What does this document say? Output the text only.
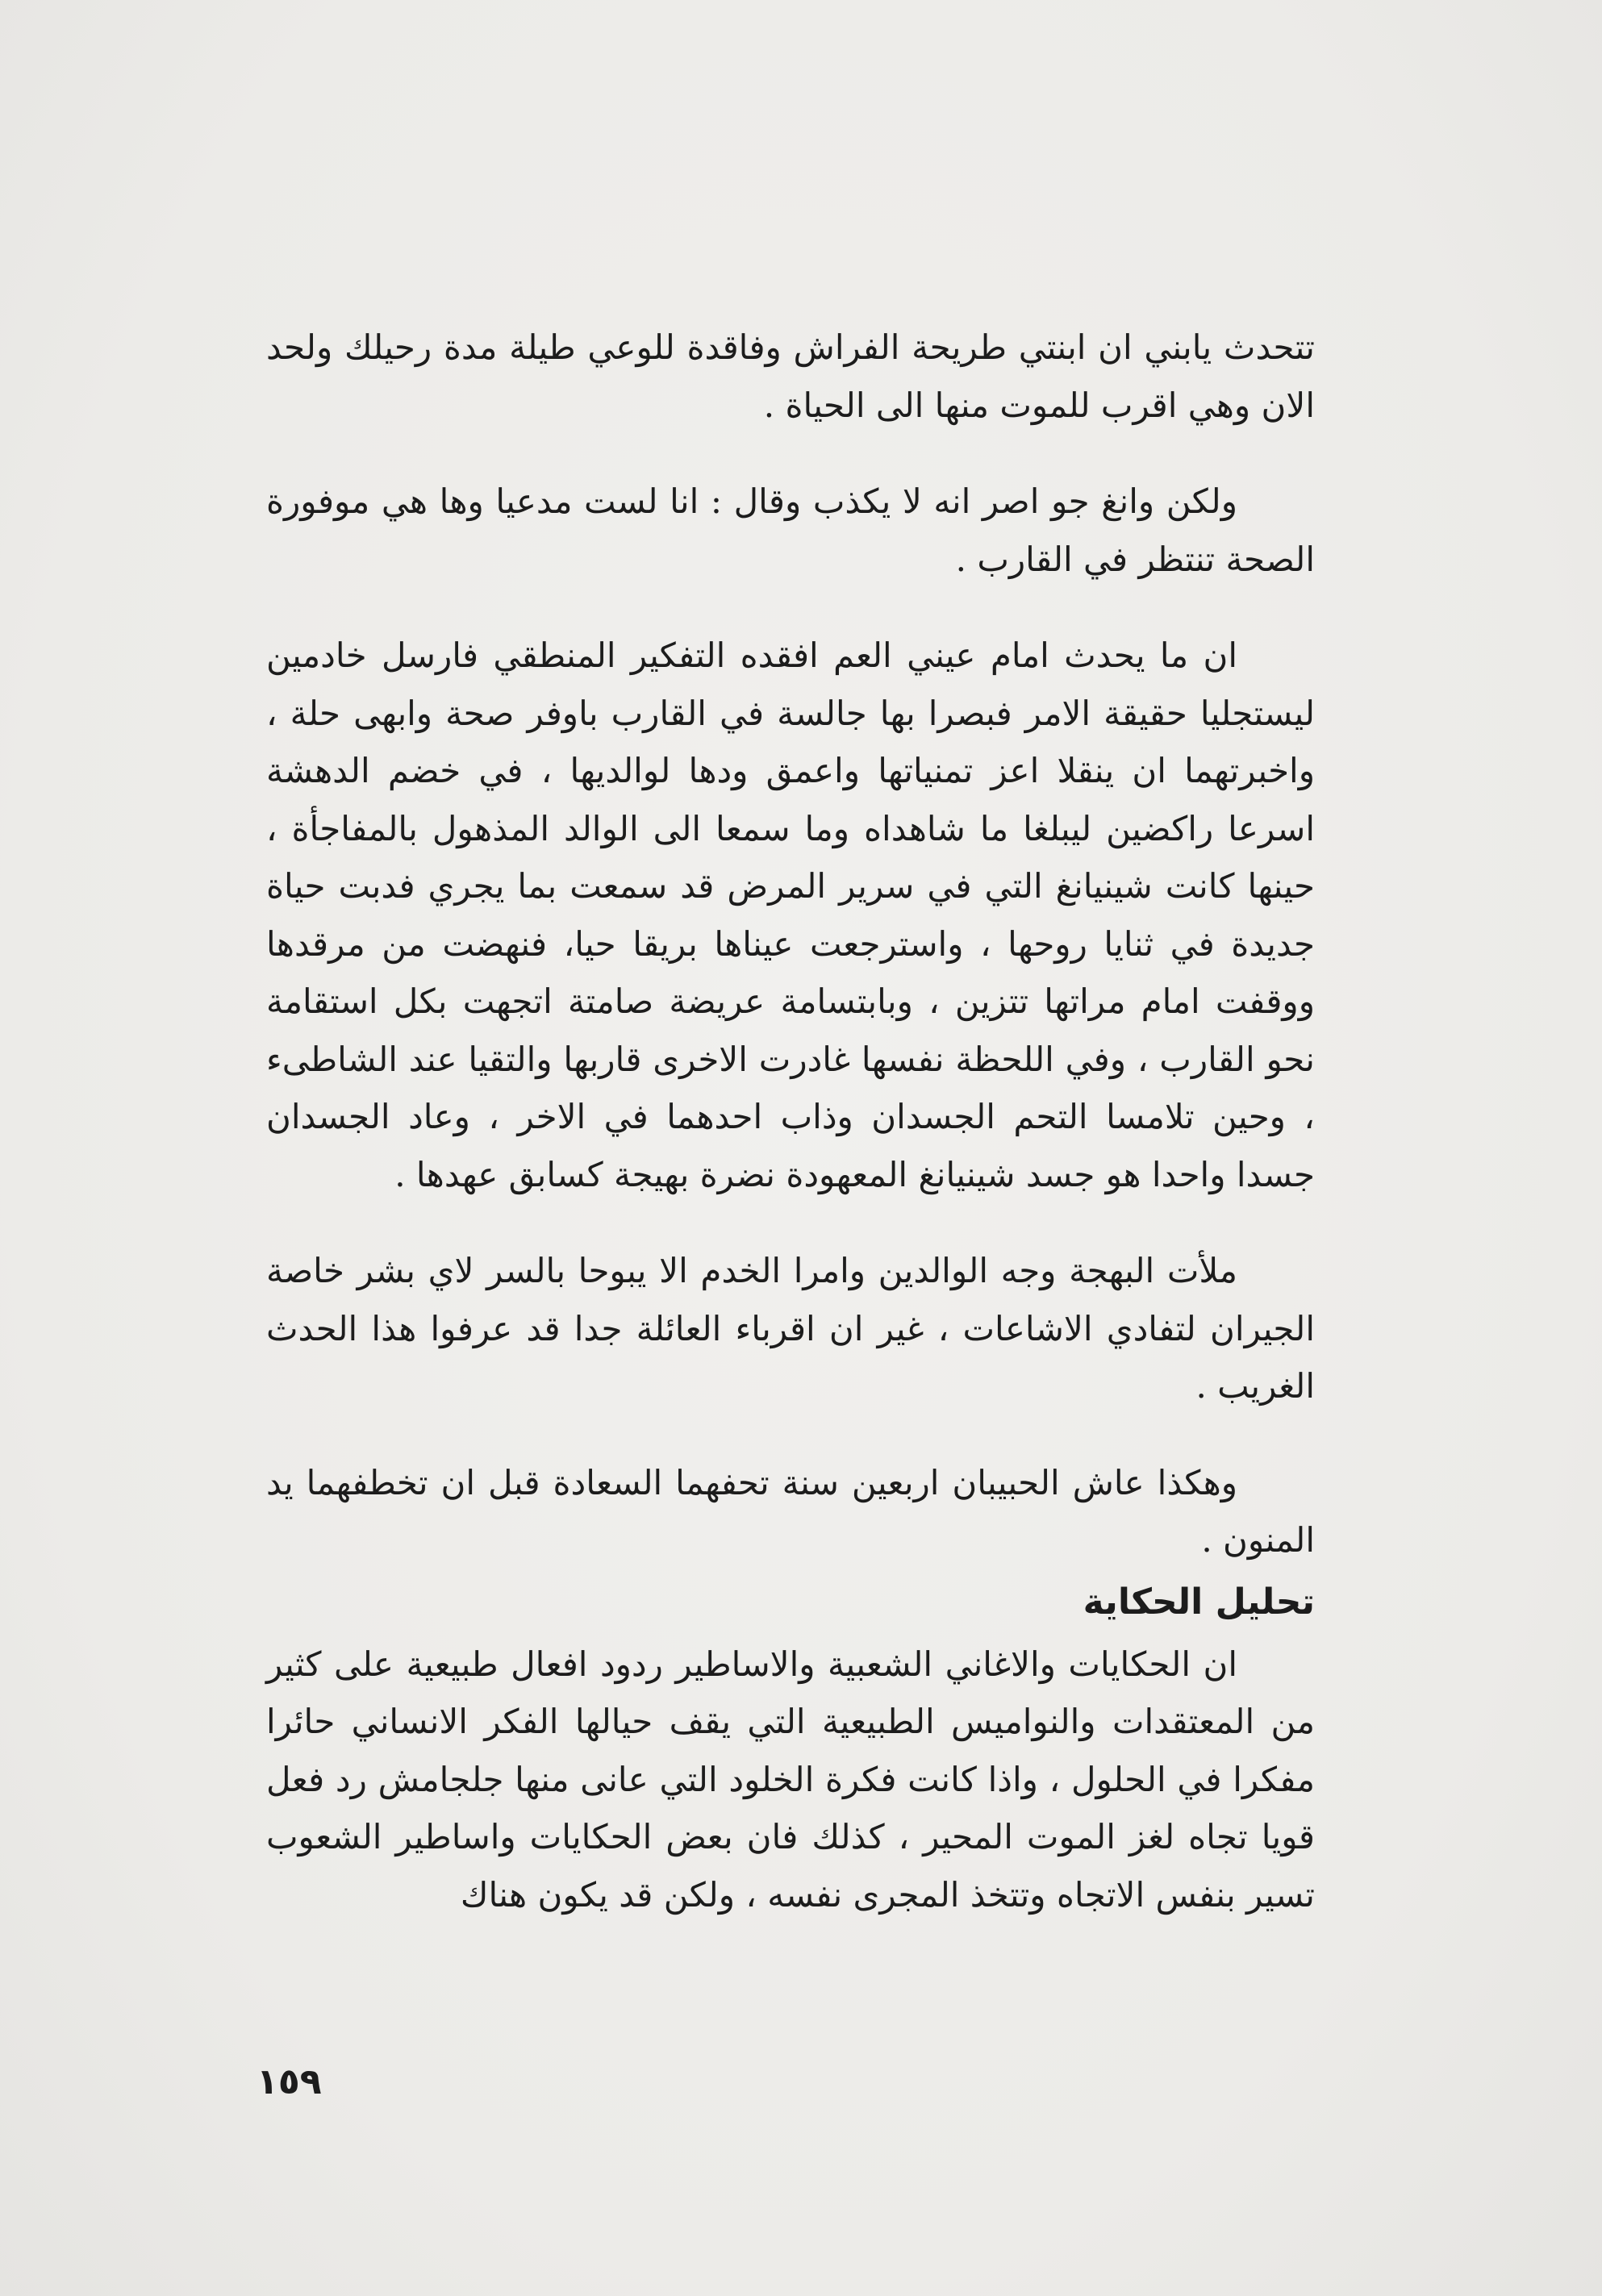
تتحدث يابني ان ابنتي طريحة الفراش وفاقدة للوعي طيلة مدة رحيلك ولحد الان وهي اقرب للموت منها الى الحياة .

ولكن وانغ جو اصر انه لا يكذب وقال : انا لست مدعيا وها هي موفورة الصحة تنتظر في القارب .

ان ما يحدث امام عيني العم افقده التفكير المنطقي فارسل خادمين ليستجليا حقيقة الامر فبصرا بها جالسة في القارب باوفر صحة وابهى حلة ، واخبرتهما ان ينقلا اعز تمنياتها واعمق ودها لوالديها ، في خضم الدهشة اسرعا راكضين ليبلغا ما شاهداه وما سمعا الى الوالد المذهول بالمفاجأة ، حينها كانت شينيانغ التي في سرير المرض قد سمعت بما يجري فدبت حياة جديدة في ثنايا روحها ، واسترجعت عيناها بريقا حيا، فنهضت من مرقدها ووقفت امام مراتها تتزين ، وبابتسامة عريضة صامتة اتجهت بكل استقامة نحو القارب ، وفي اللحظة نفسها غادرت الاخرى قاربها والتقيا عند الشاطىء ، وحين تلامسا التحم الجسدان وذاب احدهما في الاخر ، وعاد الجسدان جسدا واحدا هو جسد شينيانغ المعهودة نضرة بهيجة كسابق عهدها .

ملأت البهجة وجه الوالدين وامرا الخدم الا يبوحا بالسر لاي بشر خاصة الجيران لتفادي الاشاعات ، غير ان اقرباء العائلة جدا قد عرفوا هذا الحدث الغريب .

وهكذا عاش الحبيبان اربعين سنة تحفهما السعادة قبل ان تخطفهما يد المنون .

تحليل الحكاية

ان الحكايات والاغاني الشعبية والاساطير ردود افعال طبيعية على كثير من المعتقدات والنواميس الطبيعية التي يقف حيالها الفكر الانساني حائرا مفكرا في الحلول ، واذا كانت فكرة الخلود التي عانى منها جلجامش رد فعل قويا تجاه لغز الموت المحير ، كذلك فان بعض الحكايات واساطير الشعوب تسير بنفس الاتجاه وتتخذ المجرى نفسه ، ولكن قد يكون هناك

١٥٩
